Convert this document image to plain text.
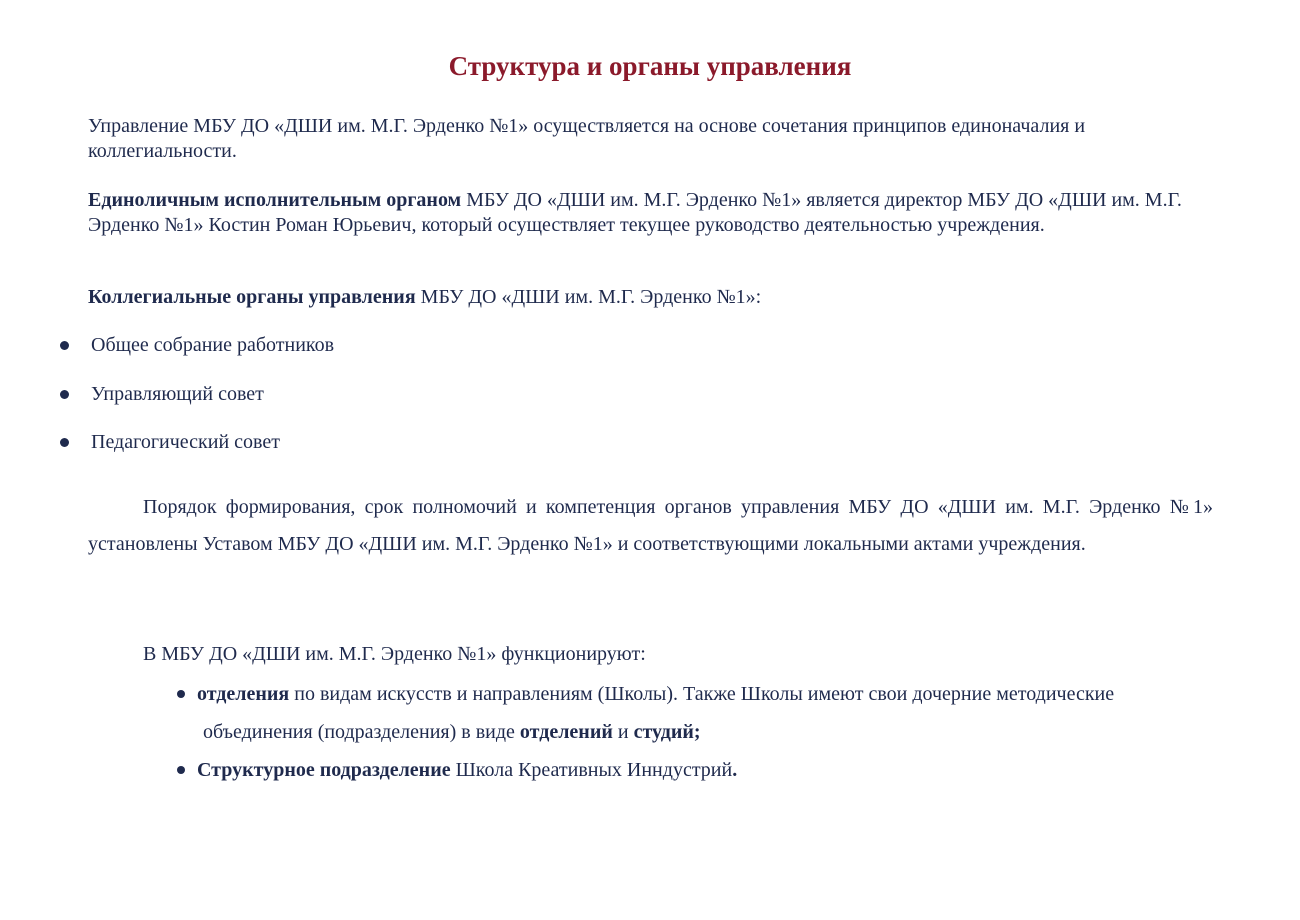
Структура и органы управления

Управление МБУ ДО «ДШИ им. М.Г. Эрденко №1» осуществляется на основе сочетания принципов единоначалия и коллегиальности.

Единоличным исполнительным органом МБУ ДО «ДШИ им. М.Г. Эрденко №1» является директор МБУ ДО «ДШИ им. М.Г. Эрденко №1» Костин Роман Юрьевич, который осуществляет текущее руководство деятельностью учреждения.

Коллегиальные органы управления МБУ ДО «ДШИ им. М.Г. Эрденко №1»:

Общее собрание работников
Управляющий совет
Педагогический совет

Порядок формирования, срок полномочий и компетенция органов управления МБУ ДО «ДШИ им. М.Г. Эрденко №1» установлены Уставом МБУ ДО «ДШИ им. М.Г. Эрденко №1» и соответствующими локальными актами учреждения.

В МБУ ДО «ДШИ им. М.Г. Эрденко №1» функционируют:

отделения по видам искусств и направлениям (Школы). Также Школы имеют свои дочерние методические
объединения (подразделения) в виде отделений и студий;
Структурное подразделение Школа Креативных Инндустрий.
